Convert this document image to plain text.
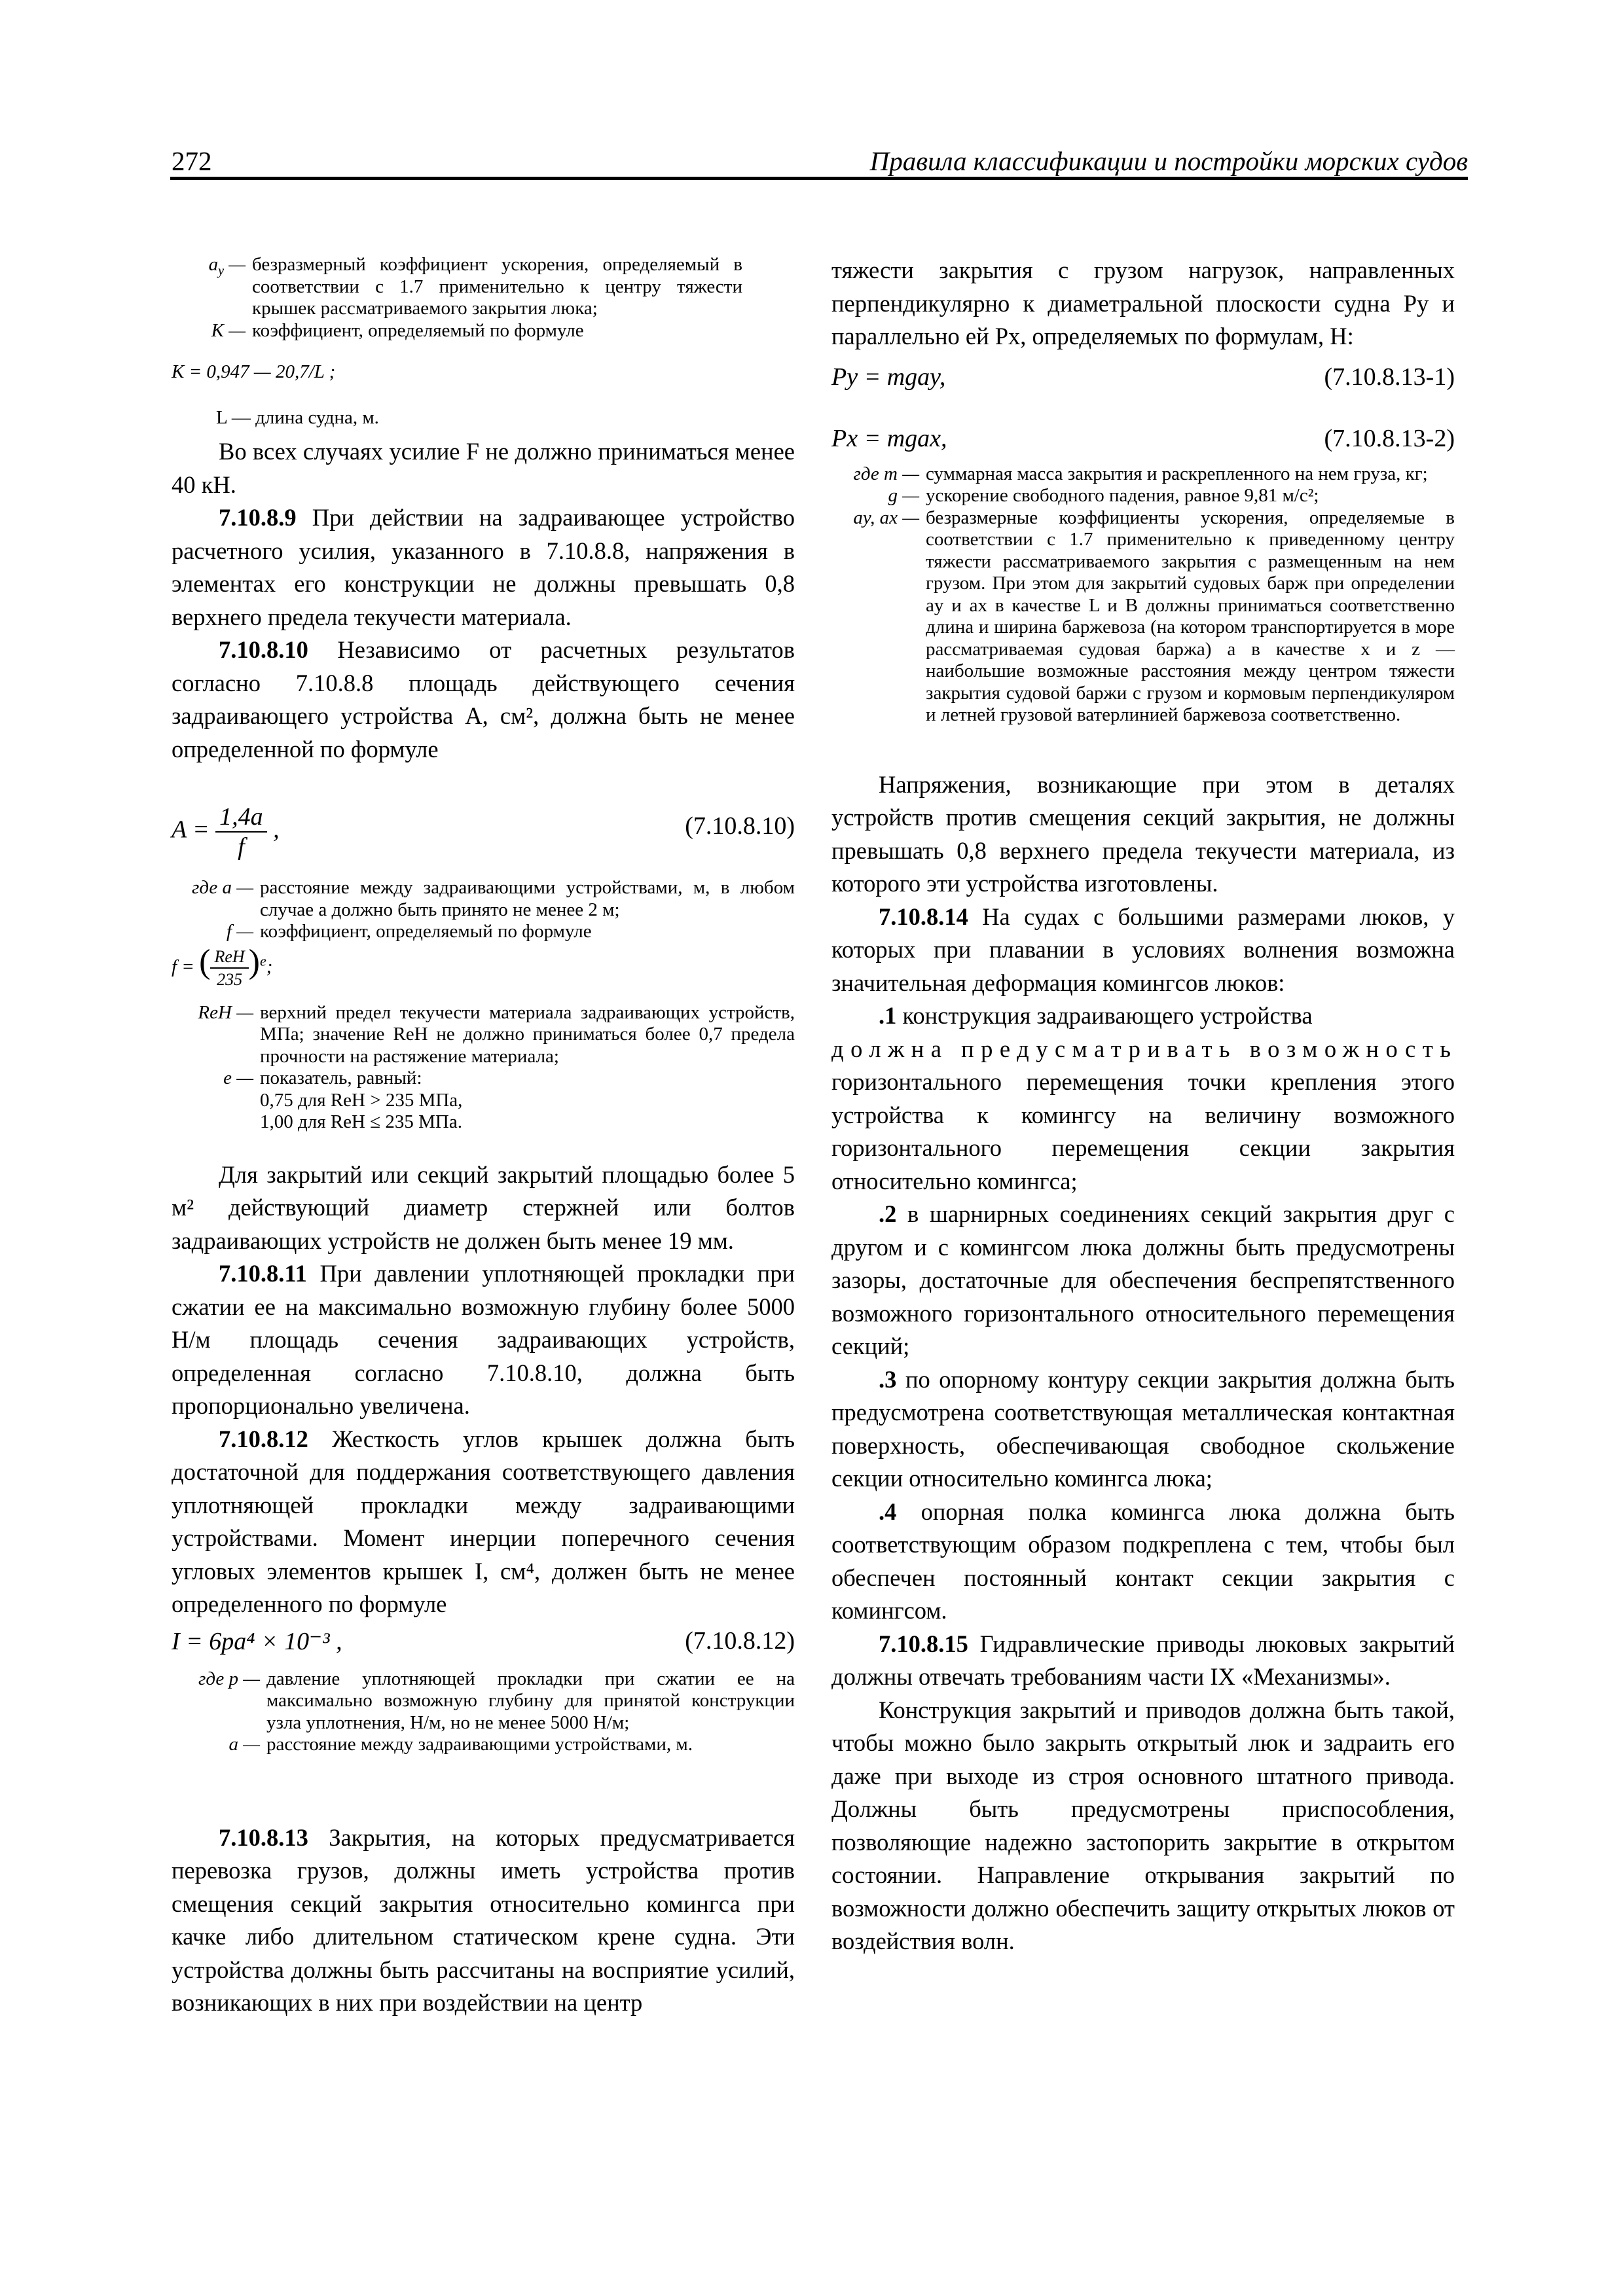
272	Правила классификации и постройки морских судов
$a_y$ — безразмерный коэффициент ускорения, определяемый в соответствии с 1.7 применительно к центру тяжести крышек рассматриваемого закрытия люка;
K — коэффициент, определяемый по формуле
K = 0,947 — 20,7/L ;
L — длина судна, м.

Во всех случаях усилие F не должно приниматься менее 40 кН.

7.10.8.9 При действии на задраивающее устройство расчетного усилия, указанного в 7.10.8.8, напряжения в элементах его конструкции не должны превышать 0,8 верхнего предела текучести материала.

7.10.8.10 Независимо от расчетных результатов согласно 7.10.8.8 площадь действующего сечения задраивающего устройства A, см², должна быть не менее определенной по формуле

$A = \frac{1,4a}{f}$ ,	(7.10.8.10)
где a — расстояние между задраивающими устройствами, м, в любом случае a должно быть принято не менее 2 м;
f — коэффициент, определяемый по формуле
f = ( $\frac{\text{ReH}}{235} )^e$;
ReH — верхний предел текучести материала задраивающих устройств, МПа; значение ReH не должно приниматься более 0,7 предела прочности на растяжение материала;
e — показатель, равный:
0,75 для ReH > 235 МПа,
1,00 для ReH ≤ 235 МПа.

Для закрытий или секций закрытий площадью более 5 м² действующий диаметр стержней или болтов задраивающих устройств не должен быть менее 19 мм.

7.10.8.11 При давлении уплотняющей прокладки при сжатии ее на максимально возможную глубину более 5000 Н/м площадь сечения задраивающих устройств, определенная согласно 7.10.8.10, должна быть пропорционально увеличена.

7.10.8.12 Жесткость углов крышек должна быть достаточной для поддержания соответствующего давления уплотняющей прокладки между задраивающими устройствами. Момент инерции поперечного сечения угловых элементов крышек I, см⁴, должен быть не менее определенного по формуле

I = 6pa⁴ × 10⁻³ ,	(7.10.8.12)
где p — давление уплотняющей прокладки при сжатии ее на максимально возможную глубину для принятой конструкции узла уплотнения, Н/м, но не менее 5000 Н/м;
a — расстояние между задраивающими устройствами, м.

7.10.8.13 Закрытия, на которых предусматривается перевозка грузов, должны иметь устройства против смещения секций закрытия относительно комингса при качке либо длительном статическом крене судна. Эти устройства должны быть рассчитаны на восприятие усилий, возникающих в них при воздействии на центр

тяжести закрытия с грузом нагрузок, направленных перпендикулярно к диаметральной плоскости судна Py и параллельно ей Px, определяемых по формулам, Н:

Py = mgay,	(7.10.8.13-1)
Px = mgax,	(7.10.8.13-2)
где m — суммарная масса закрытия и раскрепленного на нем груза, кг;
g — ускорение свободного падения, равное 9,81 м/с²;
ay, ax — безразмерные коэффициенты ускорения, определяемые в соответствии с 1.7 применительно к приведенному центру тяжести рассматриваемого закрытия с размещенным на нем грузом. При этом для закрытий судовых барж при определении ay и ax в качестве L и B должны приниматься соответственно длина и ширина баржевоза (на котором транспортируется в море рассматриваемая судовая баржа) а в качестве x и z — наибольшие возможные расстояния между центром тяжести закрытия судовой баржи с грузом и кормовым перпендикуляром и летней грузовой ватерлинией баржевоза соответственно.

Напряжения, возникающие при этом в деталях устройств против смещения секций закрытия, не должны превышать 0,8 верхнего предела текучести материала, из которого эти устройства изготовлены.

7.10.8.14 На судах с большими размерами люков, у которых при плавании в условиях волнения возможна значительная деформация комингсов люков:

.1 конструкция задраивающего устройства

должна предусматривать возможность

горизонтального перемещения точки крепления этого устройства к комингсу на величину возможного горизонтального перемещения секции закрытия относительно комингса;

.2 в шарнирных соединениях секций закрытия друг с другом и с комингсом люка должны быть предусмотрены зазоры, достаточные для обеспечения беспрепятственного возможного горизонтального относительного перемещения секций;

.3 по опорному контуру секции закрытия должна быть предусмотрена соответствующая металлическая контактная поверхность, обеспечивающая свободное скольжение секции относительно комингса люка;

.4 опорная полка комингса люка должна быть соответствующим образом подкреплена с тем, чтобы был обеспечен постоянный контакт секции закрытия с комингсом.

7.10.8.15 Гидравлические приводы люковых закрытий должны отвечать требованиям части IX «Механизмы».

Конструкция закрытий и приводов должна быть такой, чтобы можно было закрыть открытый люк и задраить его даже при выходе из строя основного штатного привода. Должны быть предусмотрены приспособления, позволяющие надежно застопорить закрытие в открытом состоянии. Направление открывания закрытий по возможности должно обеспечить защиту открытых люков от воздействия волн.
